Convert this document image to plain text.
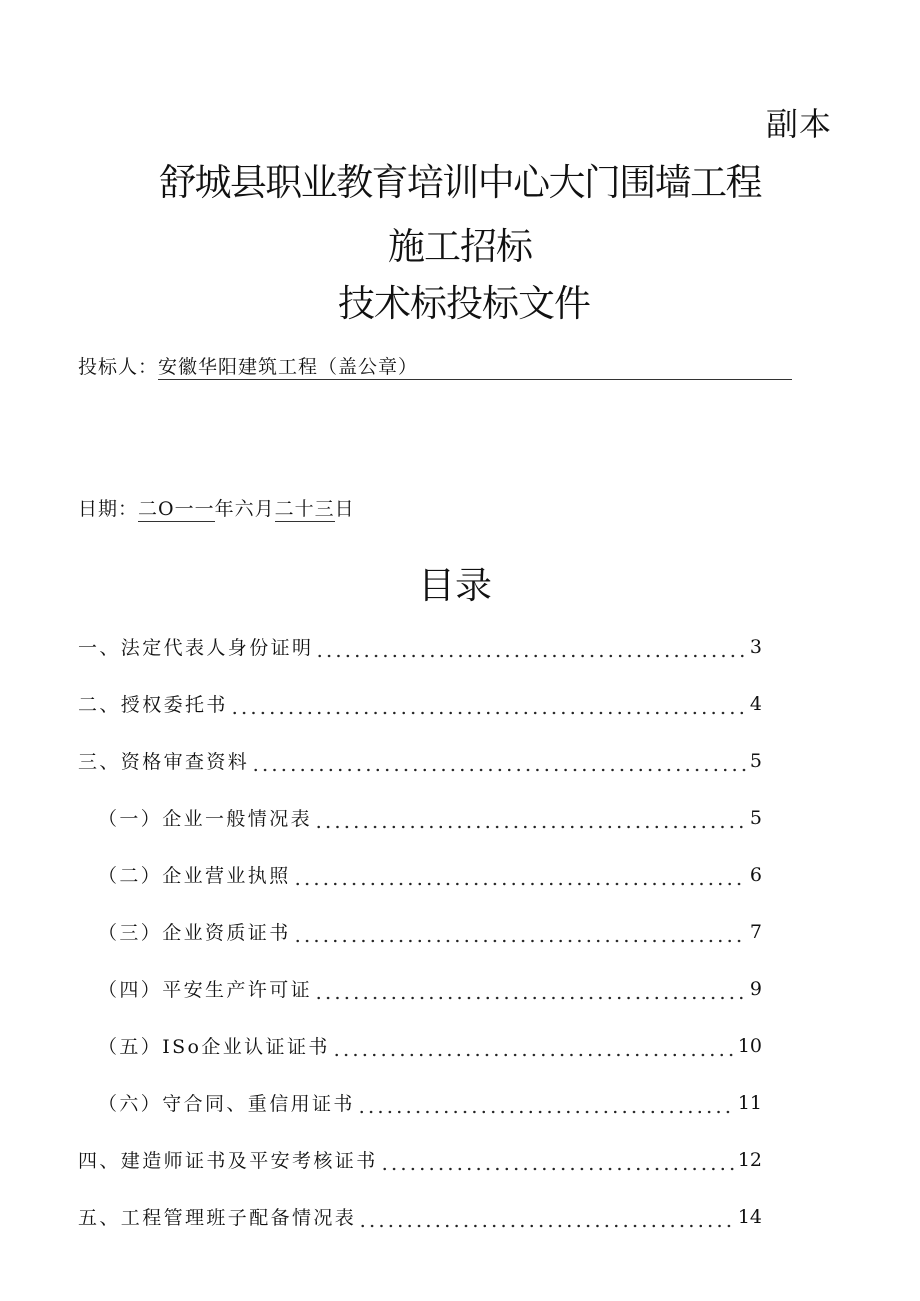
副本
舒城县职业教育培训中心大门围墙工程
施工招标
技术标投标文件
投标人：安徽华阳建筑工程（盖公章）
日期：二O一一年六月二十三日
目录
一、法定代表人身份证明	3
二、授权委托书	4
三、资格审查资料	5
（一）企业一般情况表	5
（二）企业营业执照	6
（三）企业资质证书	7
（四）平安生产许可证	9
（五）ISo企业认证证书	10
（六）守合同、重信用证书	11
四、建造师证书及平安考核证书	12
五、工程管理班子配备情况表	14
